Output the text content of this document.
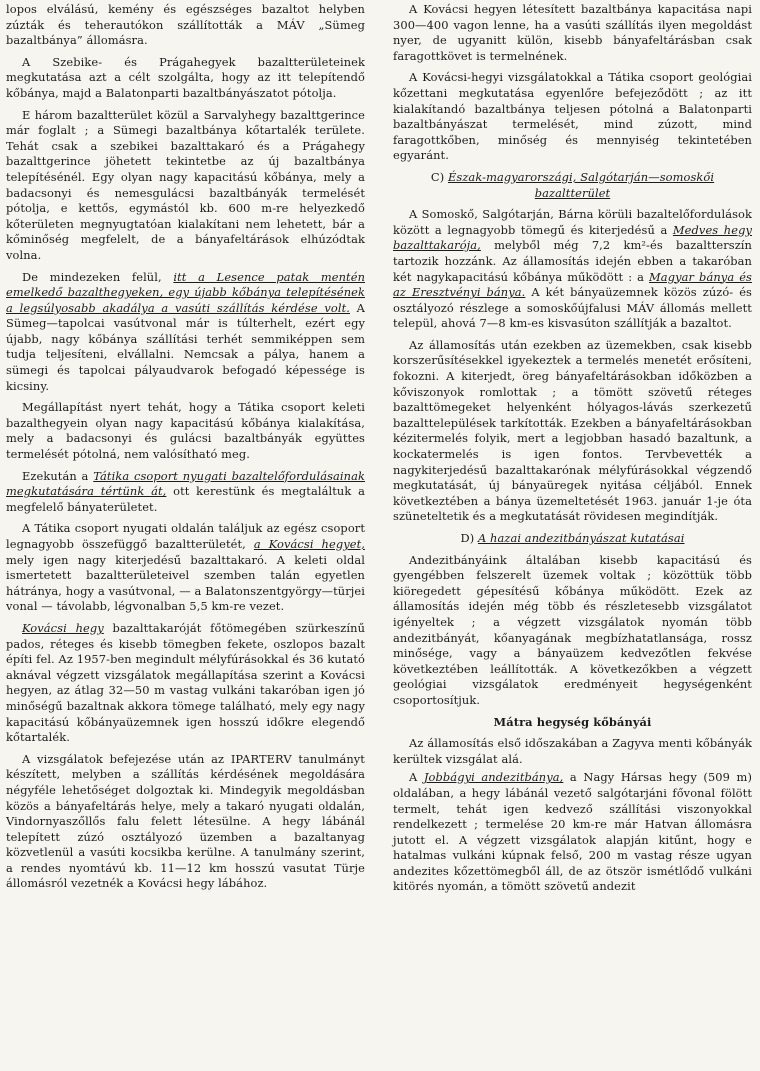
lopos elválású, kemény és egészséges bazaltot helyben zúzták és teherautókon szállították a MÁV „Sümeg bazaltbánya” állomásra.

A Szebike- és Prágahegyek bazaltterületeinek megkutatása azt a célt szolgálta, hogy az itt telepítendő kőbánya, majd a Balatonparti bazaltbányászatot pótolja.

E három bazaltterület közül a Sarvalyhegy bazalttgerince már foglalt ; a Sümegi bazaltbánya kőtartalék területe. Tehát csak a szebikei bazalttakaró és a Prágahegy bazalttgerince jöhetett tekintetbe az új bazaltbánya telepítésénél. Egy olyan nagy kapacitású kőbánya, mely a badacsonyi és nemesgulácsi bazaltbányák termelését pótolja, e kettős, egymástól kb. 600 m-re helyezkedő kőterületen megnyugtatóan kialakítani nem lehetett, bár a kőminőség megfelelt, de a bányafeltárások elhúzódtak volna.

De mindezeken felül, itt a Lesence patak mentén emelkedő bazalthegyeken, egy újabb kőbánya telepítésének a legsúlyosabb akadálya a vasúti szállítás kérdése volt. A Sümeg—tapolcai vasútvonal már is túlterhelt, ezért egy újabb, nagy kőbánya szállítási terhét semmiképpen sem tudja teljesíteni, elvállalni. Nemcsak a pálya, hanem a sümegi és tapolcai pályaudvarok befogadó képessége is kicsiny.

Megállapítást nyert tehát, hogy a Tátika csoport keleti bazalthegyein olyan nagy kapacitású kőbánya kialakítása, mely a badacsonyi és gulácsi bazaltbányák együttes termelését pótolná, nem valósítható meg.

Ezekután a Tátika csoport nyugati bazaltelőfordulásainak megkutatására tértünk át, ott kerestünk és megtaláltuk a megfelelő bányaterületet.

A Tátika csoport nyugati oldalán találjuk az egész csoport legnagyobb összefüggő bazaltterületét, a Kovácsi hegyet, mely igen nagy kiterjedésű bazalttakaró. A keleti oldal ismertetett bazaltterületeivel szemben talán egyetlen hátránya, hogy a vasútvonal, — a Balatonszentgyörgy—türjei vonal — távolabb, légvonalban 5,5 km-re vezet.

Kovácsi hegy bazalttakaróját főtömegében szürkeszínű pados, réteges és kisebb tömegben fekete, oszlopos bazalt építi fel. Az 1957-ben megindult mélyfúrásokkal és 36 kutató aknával végzett vizsgálatok megállapítása szerint a Kovácsi hegyen, az átlag 32—50 m vastag vulkáni takaróban igen jó minőségű bazaltnak akkora tömege található, mely egy nagy kapacitású kőbányaüzemnek igen hosszú időkre elegendő kőtartalék.

A vizsgálatok befejezése után az IPARTERV tanulmányt készített, melyben a szállítás kérdésének megoldására négyféle lehetőséget dolgoztak ki. Mindegyik megoldásban közös a bányafeltárás helye, mely a takaró nyugati oldalán, Vindornyaszőllős falu felett létesülne. A hegy lábánál telepített zúzó osztályozó üzemben a bazaltanyag közvetlenül a vasúti kocsikba kerülne. A tanulmány szerint, a rendes nyomtávú kb. 11—12 km hosszú vasutat Türje állomásról vezetnék a Kovácsi hegy lábához.

A Kovácsi hegyen létesített bazaltbánya kapacitása napi 300—400 vagon lenne, ha a vasúti szállítás ilyen megoldást nyer, de ugyanitt külön, kisebb bányafeltárásban csak faragottkövet is termelnének.

A Kovácsi-hegyi vizsgálatokkal a Tátika csoport geológiai kőzettani megkutatása egyenlőre befejeződött ; az itt kialakítandó bazaltbánya teljesen pótolná a Balatonparti bazaltbányászat termelését, mind zúzott, mind faragottkőben, minőség és mennyiség tekintetében egyaránt.

C) Észak-magyarországi, Salgótarján—somoskői bazaltterület

A Somoskő, Salgótarján, Bárna körüli bazaltelőfordulások között a legnagyobb tömegű és kiterjedésű a Medves hegy bazalttakarója, melyből még 7,2 km²-és bazaltterszín tartozik hozzánk. Az államosítás idején ebben a takaróban két nagykapacitású kőbánya működött : a Magyar bánya és az Eresztvényi bánya. A két bányaüzemnek közös zúzó- és osztályozó részlege a somoskőújfalusi MÁV állomás mellett települ, ahová 7—8 km-es kisvasúton szállítják a bazaltot.

Az államosítás után ezekben az üzemekben, csak kisebb korszerűsítésekkel igyekeztek a termelés menetét erősíteni, fokozni. A kiterjedt, öreg bányafeltárásokban időközben a kőviszonyok romlottak ; a tömött szövetű réteges bazalttömegeket helyenként hólyagos-lávás szerkezetű bazalttelepülések tarkították. Ezekben a bányafeltárásokban kézitermelés folyik, mert a legjobban hasadó bazaltunk, a kockatermelés is igen fontos. Tervbevették a nagykiterjedésű bazalttakarónak mélyfúrásokkal végzendő megkutatását, új bányaüregek nyitása céljából. Ennek következtében a bánya üzemeltetését 1963. január 1-je óta szüneteltetik és a megkutatását rövidesen megindítják.

D) A hazai andezitbányászat kutatásai

Andezitbányáink általában kisebb kapacitású és gyengébben felszerelt üzemek voltak ; közöttük több kiöregedett gépesítésű kőbánya működött. Ezek az államosítás idején még több és részletesebb vizsgálatot igényeltek ; a végzett vizsgálatok nyomán több andezitbányát, kőanyagának megbízhatatlansága, rossz minősége, vagy a bányaüzem kedvezőtlen fekvése következtében leállították. A következőkben a végzett geológiai vizsgálatok eredményeit hegységenként csoportosítjuk.

Mátra hegység kőbányái

Az államosítás első időszakában a Zagyva menti kőbányák kerültek vizsgálat alá.

A Jobbágyi andezitbánya, a Nagy Hársas hegy (509 m) oldalában, a hegy lábánál vezető salgótarjáni fővonal fölött termelt, tehát igen kedvező szállítási viszonyokkal rendelkezett ; termelése 20 km-re már Hatvan állomásra jutott el. A végzett vizsgálatok alapján kitűnt, hogy e hatalmas vulkáni kúpnak felső, 200 m vastag része ugyan andezites kőzettömegből áll, de az ötször ismétlődő vulkáni kitörés nyomán, a tömött szövetű andezit
